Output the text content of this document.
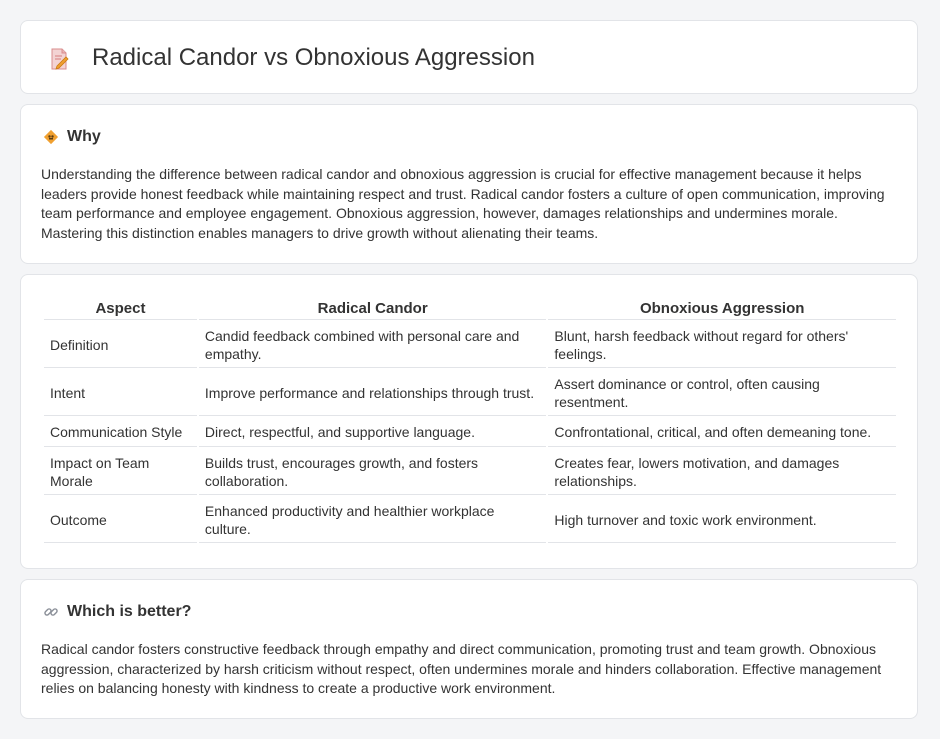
Radical Candor vs Obnoxious Aggression
Why

Understanding the difference between radical candor and obnoxious aggression is crucial for effective management because it helps leaders provide honest feedback while maintaining respect and trust. Radical candor fosters a culture of open communication, improving team performance and employee engagement. Obnoxious aggression, however, damages relationships and undermines morale. Mastering this distinction enables managers to drive growth without alienating their teams.

Aspect	Radical Candor	Obnoxious Aggression
Definition	Candid feedback combined with personal care and empathy.	Blunt, harsh feedback without regard for others' feelings.
Intent	Improve performance and relationships through trust.	Assert dominance or control, often causing resentment.
Communication Style	Direct, respectful, and supportive language.	Confrontational, critical, and often demeaning tone.
Impact on Team Morale	Builds trust, encourages growth, and fosters collaboration.	Creates fear, lowers motivation, and damages relationships.
Outcome	Enhanced productivity and healthier workplace culture.	High turnover and toxic work environment.
Which is better?

Radical candor fosters constructive feedback through empathy and direct communication, promoting trust and team growth. Obnoxious aggression, characterized by harsh criticism without respect, often undermines morale and hinders collaboration. Effective management relies on balancing honesty with kindness to create a productive work environment.
